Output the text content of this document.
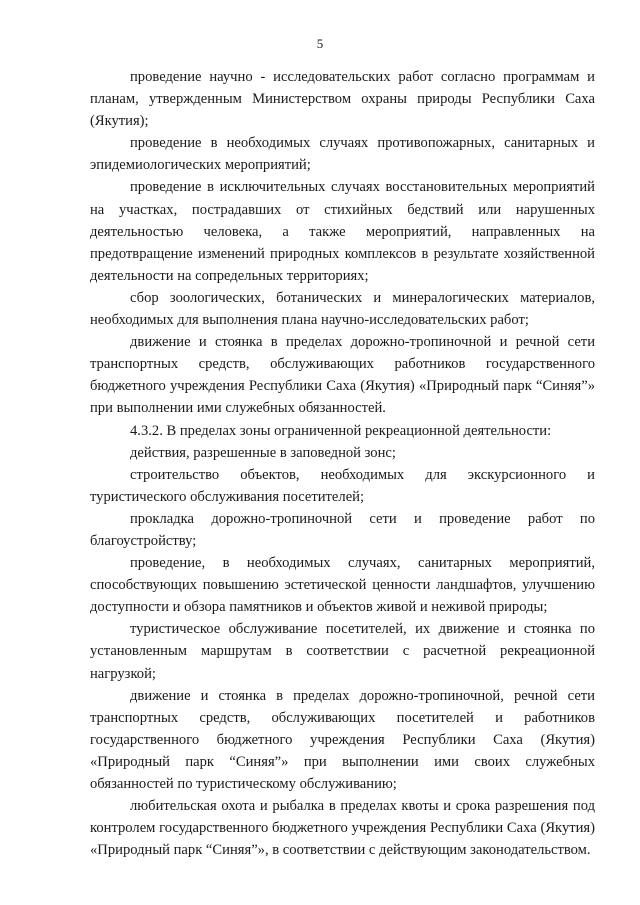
5

проведение научно - исследовательских работ согласно программам и планам, утвержденным Министерством охраны природы Республики Саха (Якутия);

проведение в необходимых случаях противопожарных, санитарных и эпидемиологических мероприятий;

проведение в исключительных случаях восстановительных мероприятий на участках, пострадавших от стихийных бедствий или нарушенных деятельностью человека, а также мероприятий, направленных на предотвращение изменений природных комплексов в результате хозяйственной деятельности на сопредельных территориях;

сбор зоологических, ботанических и минералогических материалов, необходимых для выполнения плана научно-исследовательских работ;

движение и стоянка в пределах дорожно-тропиночной и речной сети транспортных средств, обслуживающих работников государственного бюджетного учреждения Республики Саха (Якутия) «Природный парк “Синяя”» при выполнении ими служебных обязанностей.

4.3.2. В пределах зоны ограниченной рекреационной деятельности:

действия, разрешенные в заповедной зонс;

строительство объектов, необходимых для экскурсионного и туристического обслуживания посетителей;

прокладка дорожно-тропиночной сети и проведение работ по благоустройству;

проведение, в необходимых случаях, санитарных мероприятий, способствующих повышению эстетической ценности ландшафтов, улучшению доступности и обзора памятников и объектов живой и неживой природы;

туристическое обслуживание посетителей, их движение и стоянка по установленным маршрутам в соответствии с расчетной рекреационной нагрузкой;

движение и стоянка в пределах дорожно-тропиночной, речной сети транспортных средств, обслуживающих посетителей и работников государственного бюджетного учреждения Республики Саха (Якутия) «Природный парк “Синяя”» при выполнении ими своих служебных обязанностей по туристическому обслуживанию;

любительская охота и рыбалка в пределах квоты и срока разрешения под контролем государственного бюджетного учреждения Республики Саха (Якутия) «Природный парк “Синяя”», в соответствии с действующим законодательством.
